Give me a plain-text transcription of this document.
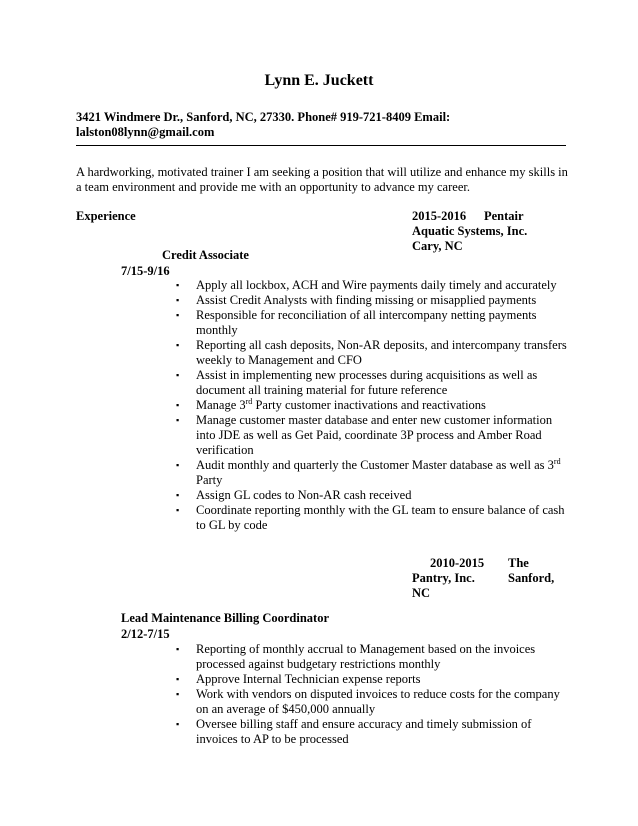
Lynn E. Juckett
3421 Windmere Dr., Sanford, NC, 27330. Phone# 919-721-8409 Email:
lalston08lynn@gmail.com
A hardworking, motivated trainer I am seeking a position that will utilize and enhance my skills in a team environment and provide me with an opportunity to advance my career.
Experience	2015-2016 Pentair
Aquatic Systems, Inc.
Cary, NC
Credit Associate
7/15-9/16
▪ Apply all lockbox, ACH and Wire payments daily timely and accurately
▪ Assist Credit Analysts with finding missing or misapplied payments
▪ Responsible for reconciliation of all intercompany netting payments monthly
▪ Reporting all cash deposits, Non-AR deposits, and intercompany transfers weekly to Management and CFO
▪ Assist in implementing new processes during acquisitions as well as document all training material for future reference
▪ Manage 3rd Party customer inactivations and reactivations
▪ Manage customer master database and enter new customer information into JDE as well as Get Paid, coordinate 3P process and Amber Road verification
▪ Audit monthly and quarterly the Customer Master database as well as 3rd Party
▪ Assign GL codes to Non-AR cash received
▪ Coordinate reporting monthly with the GL team to ensure balance of cash to GL by code
2010-2015
Pantry, Inc.
NC
The
Sanford,
Lead Maintenance Billing Coordinator
2/12-7/15
▪ Reporting of monthly accrual to Management based on the invoices processed against budgetary restrictions monthly
▪ Approve Internal Technician expense reports
▪ Work with vendors on disputed invoices to reduce costs for the company on an average of $450,000 annually
▪ Oversee billing staff and ensure accuracy and timely submission of invoices to AP to be processed
